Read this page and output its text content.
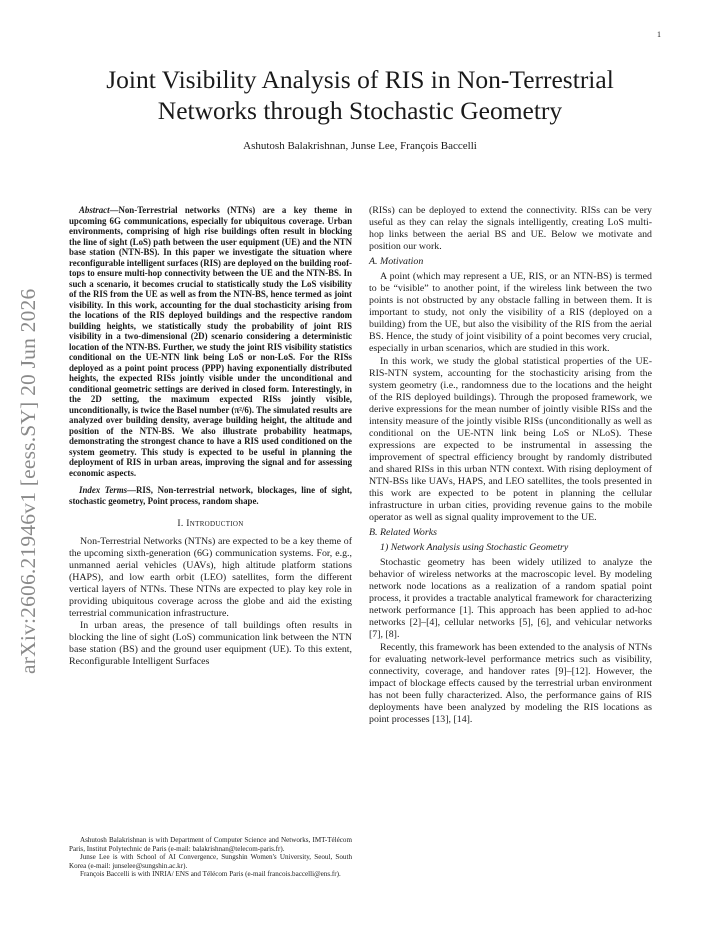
1
arXiv:2606.21946v1 [eess.SY] 20 Jun 2026
Joint Visibility Analysis of RIS in Non-Terrestrial Networks through Stochastic Geometry
Ashutosh Balakrishnan, Junse Lee, François Baccelli

Abstract—Non-Terrestrial networks (NTNs) are a key theme in upcoming 6G communications, especially for ubiquitous coverage. Urban environments, comprising of high rise buildings often result in blocking the line of sight (LoS) path between the user equipment (UE) and the NTN base station (NTN-BS). In this paper we investigate the situation where reconfigurable intelligent surfaces (RIS) are deployed on the building roof-tops to ensure multi-hop connectivity between the UE and the NTN-BS. In such a scenario, it becomes crucial to statistically study the LoS visibility of the RIS from the UE as well as from the NTN-BS, hence termed as joint visibility. In this work, accounting for the dual stochasticity arising from the locations of the RIS deployed buildings and the respective random building heights, we statistically study the probability of joint RIS visibility in a two-dimensional (2D) scenario considering a deterministic location of the NTN-BS. Further, we study the joint RIS visibility statistics conditional on the UE-NTN link being LoS or non-LoS. For the RISs deployed as a point point process (PPP) having exponentially distributed heights, the expected RISs jointly visible under the unconditional and conditional geometric settings are derived in closed form. Interestingly, in the 2D setting, the maximum expected RISs jointly visible, unconditionally, is twice the Basel number (π²/6). The simulated results are analyzed over building density, average building height, the altitude and position of the NTN-BS. We also illustrate probability heatmaps, demonstrating the strongest chance to have a RIS used conditioned on the system geometry. This study is expected to be useful in planning the deployment of RIS in urban areas, improving the signal and for assessing economic aspects.

Index Terms—RIS, Non-terrestrial network, blockages, line of sight, stochastic geometry, Point process, random shape.

I. Introduction

Non-Terrestrial Networks (NTNs) are expected to be a key theme of the upcoming sixth-generation (6G) communication systems. For, e.g., unmanned aerial vehicles (UAVs), high altitude platform stations (HAPS), and low earth orbit (LEO) satellites, form the different vertical layers of NTNs. These NTNs are expected to play key role in providing ubiquitous coverage across the globe and aid the existing terrestrial communication infrastructure.

In urban areas, the presence of tall buildings often results in blocking the line of sight (LoS) communication link between the NTN base station (BS) and the ground user equipment (UE). To this extent, Reconfigurable Intelligent Surfaces

Ashutosh Balakrishnan is with Department of Computer Science and Networks, IMT-Télécom Paris, Institut Polytechnic de Paris (e-mail: balakrishnan@telecom-paris.fr).

Junse Lee is with School of AI Convergence, Sungshin Women's University, Seoul, South Korea (e-mail: junselee@sungshin.ac.kr).

François Baccelli is with INRIA/ ENS and Télécom Paris (e-mail francois.baccelli@ens.fr).

(RISs) can be deployed to extend the connectivity. RISs can be very useful as they can relay the signals intelligently, creating LoS multi-hop links between the aerial BS and UE. Below we motivate and position our work.

A. Motivation

A point (which may represent a UE, RIS, or an NTN-BS) is termed to be “visible” to another point, if the wireless link between the two points is not obstructed by any obstacle falling in between them. It is important to study, not only the visibility of a RIS (deployed on a building) from the UE, but also the visibility of the RIS from the aerial BS. Hence, the study of joint visibility of a point becomes very crucial, especially in urban scenarios, which are studied in this work.

In this work, we study the global statistical properties of the UE-RIS-NTN system, accounting for the stochasticity arising from the system geometry (i.e., randomness due to the locations and the height of the RIS deployed buildings). Through the proposed framework, we derive expressions for the mean number of jointly visible RISs and the intensity measure of the jointly visible RISs (unconditionally as well as conditional on the UE-NTN link being LoS or NLoS). These expressions are expected to be instrumental in assessing the improvement of spectral efficiency brought by randomly distributed and shared RISs in this urban NTN context. With rising deployment of NTN-BSs like UAVs, HAPS, and LEO satellites, the tools presented in this work are expected to be potent in planning the cellular infrastructure in urban cities, providing revenue gains to the mobile operator as well as signal quality improvement to the UE.

B. Related Works
1) Network Analysis using Stochastic Geometry

Stochastic geometry has been widely utilized to analyze the behavior of wireless networks at the macroscopic level. By modeling network node locations as a realization of a random spatial point process, it provides a tractable analytical framework for characterizing network performance [1]. This approach has been applied to ad-hoc networks [2]–[4], cellular networks [5], [6], and vehicular networks [7], [8].

Recently, this framework has been extended to the analysis of NTNs for evaluating network-level performance metrics such as visibility, connectivity, coverage, and handover rates [9]–[12]. However, the impact of blockage effects caused by the terrestrial urban environment has not been fully characterized. Also, the performance gains of RIS deployments have been analyzed by modeling the RIS locations as point processes [13], [14].
